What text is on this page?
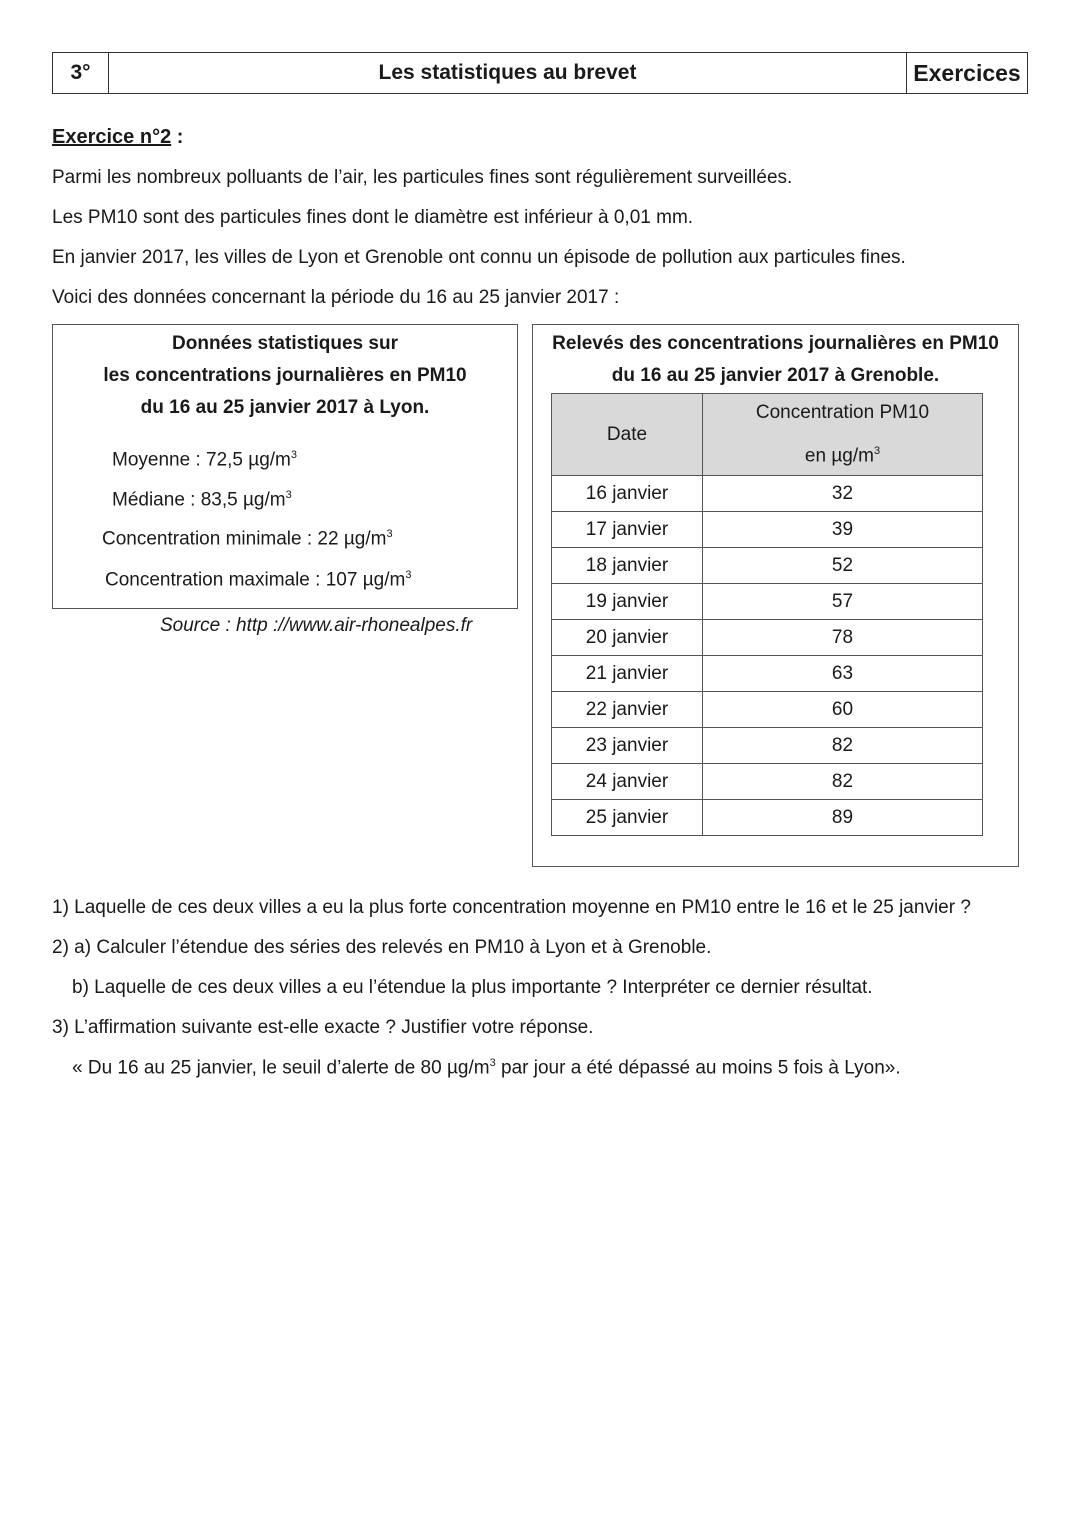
3°	Les statistiques au brevet	Exercices
Exercice n°2 :
Parmi les nombreux polluants de l’air, les particules fines sont régulièrement surveillées.
Les PM10 sont des particules fines dont le diamètre est inférieur à 0,01 mm.
En janvier 2017, les villes de Lyon et Grenoble ont connu un épisode de pollution aux particules fines.
Voici des données concernant la période du 16 au 25 janvier 2017 :
Données statistiques sur
les concentrations journalières en PM10
du 16 au 25 janvier 2017 à Lyon.
Moyenne : 72,5 $\mu g/m^3$
Médiane : 83,5 $\mu g/m^3$
Concentration minimale : 22 $\mu g/m^3$
Concentration maximale : 107 $\mu g/m^3$
Source : http ://www.air-rhonealpes.fr
Relevés des concentrations journalières en PM10
du 16 au 25 janvier 2017 à Grenoble.
Date	Concentration PM10
en $\mu g/m^3$

16 janvier	32
17 janvier	39
18 janvier	52
19 janvier	57
20 janvier	78
21 janvier	63
22 janvier	60
23 janvier	82
24 janvier	82
25 janvier	89
1) Laquelle de ces deux villes a eu la plus forte concentration moyenne en PM10 entre le 16 et le 25 janvier ?
2) a) Calculer l’étendue des séries des relevés en PM10 à Lyon et à Grenoble.
b) Laquelle de ces deux villes a eu l’étendue la plus importante ? Interpréter ce dernier résultat.
3) L’affirmation suivante est-elle exacte ? Justifier votre réponse.
« Du 16 au 25 janvier, le seuil d’alerte de 80 $\mu g/m^3$ par jour a été dépassé au moins 5 fois à Lyon».
